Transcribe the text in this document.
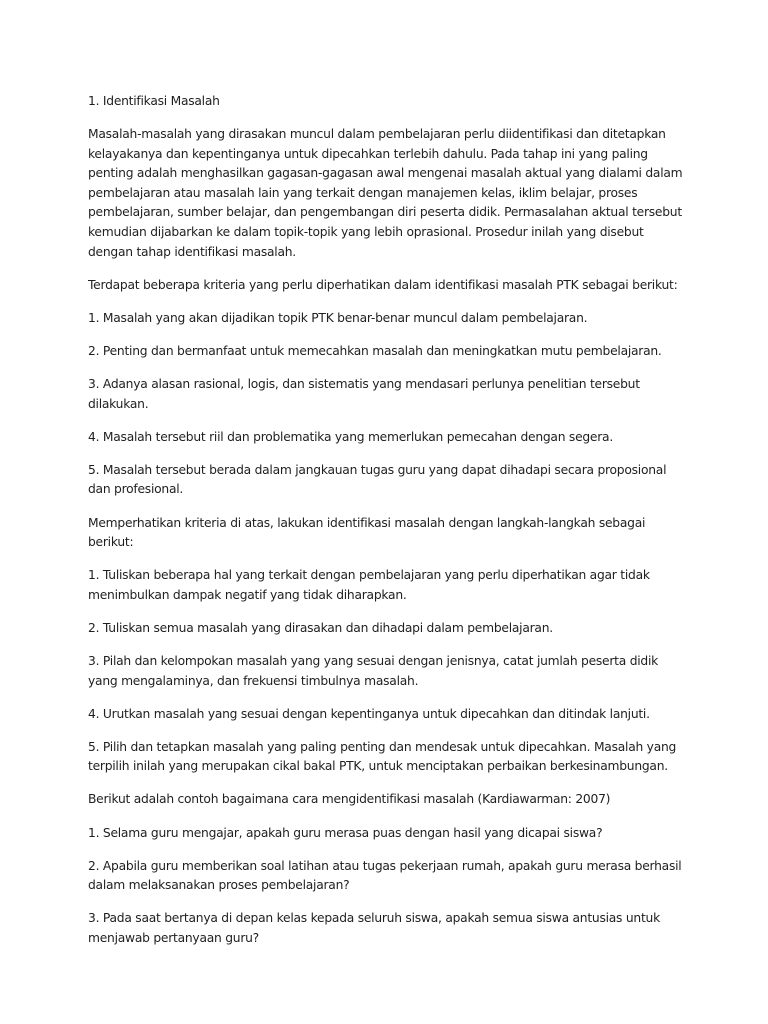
1. Identifikasi Masalah

Masalah-masalah yang dirasakan muncul dalam pembelajaran perlu diidentifikasi dan ditetapkan kelayakanya dan kepentinganya untuk dipecahkan terlebih dahulu. Pada tahap ini yang paling penting adalah menghasilkan gagasan-gagasan awal mengenai masalah aktual yang dialami dalam pembelajaran atau masalah lain yang terkait dengan manajemen kelas, iklim belajar, proses pembelajaran, sumber belajar, dan pengembangan diri peserta didik. Permasalahan aktual tersebut kemudian dijabarkan ke dalam topik-topik yang lebih oprasional. Prosedur inilah yang disebut dengan tahap identifikasi masalah.

Terdapat beberapa kriteria yang perlu diperhatikan dalam identifikasi masalah PTK sebagai berikut:

1. Masalah yang akan dijadikan topik PTK benar-benar muncul dalam pembelajaran.

2. Penting dan bermanfaat untuk memecahkan masalah dan meningkatkan mutu pembelajaran.

3. Adanya alasan rasional, logis, dan sistematis yang mendasari perlunya penelitian tersebut dilakukan.

4. Masalah tersebut riil dan problematika yang memerlukan pemecahan dengan segera.

5. Masalah tersebut berada dalam jangkauan tugas guru yang dapat dihadapi secara proposional dan profesional.

Memperhatikan kriteria di atas, lakukan identifikasi masalah dengan langkah-langkah sebagai berikut:

1. Tuliskan beberapa hal yang terkait dengan pembelajaran yang perlu diperhatikan agar tidak menimbulkan dampak negatif yang tidak diharapkan.

2. Tuliskan semua masalah yang dirasakan dan dihadapi dalam pembelajaran.

3. Pilah dan kelompokan masalah yang yang sesuai dengan jenisnya, catat jumlah peserta didik yang mengalaminya, dan frekuensi timbulnya masalah.

4. Urutkan masalah yang sesuai dengan kepentinganya untuk dipecahkan dan ditindak lanjuti.

5. Pilih dan tetapkan masalah yang paling penting dan mendesak untuk dipecahkan. Masalah yang terpilih inilah yang merupakan cikal bakal PTK, untuk menciptakan perbaikan berkesinambungan.

Berikut adalah contoh bagaimana cara mengidentifikasi masalah (Kardiawarman: 2007)

1. Selama guru mengajar, apakah guru merasa puas dengan hasil yang dicapai siswa?

2. Apabila guru memberikan soal latihan atau tugas pekerjaan rumah, apakah guru merasa berhasil dalam melaksanakan proses pembelajaran?

3. Pada saat bertanya di depan kelas kepada seluruh siswa, apakah semua siswa antusias untuk menjawab pertanyaan guru?
